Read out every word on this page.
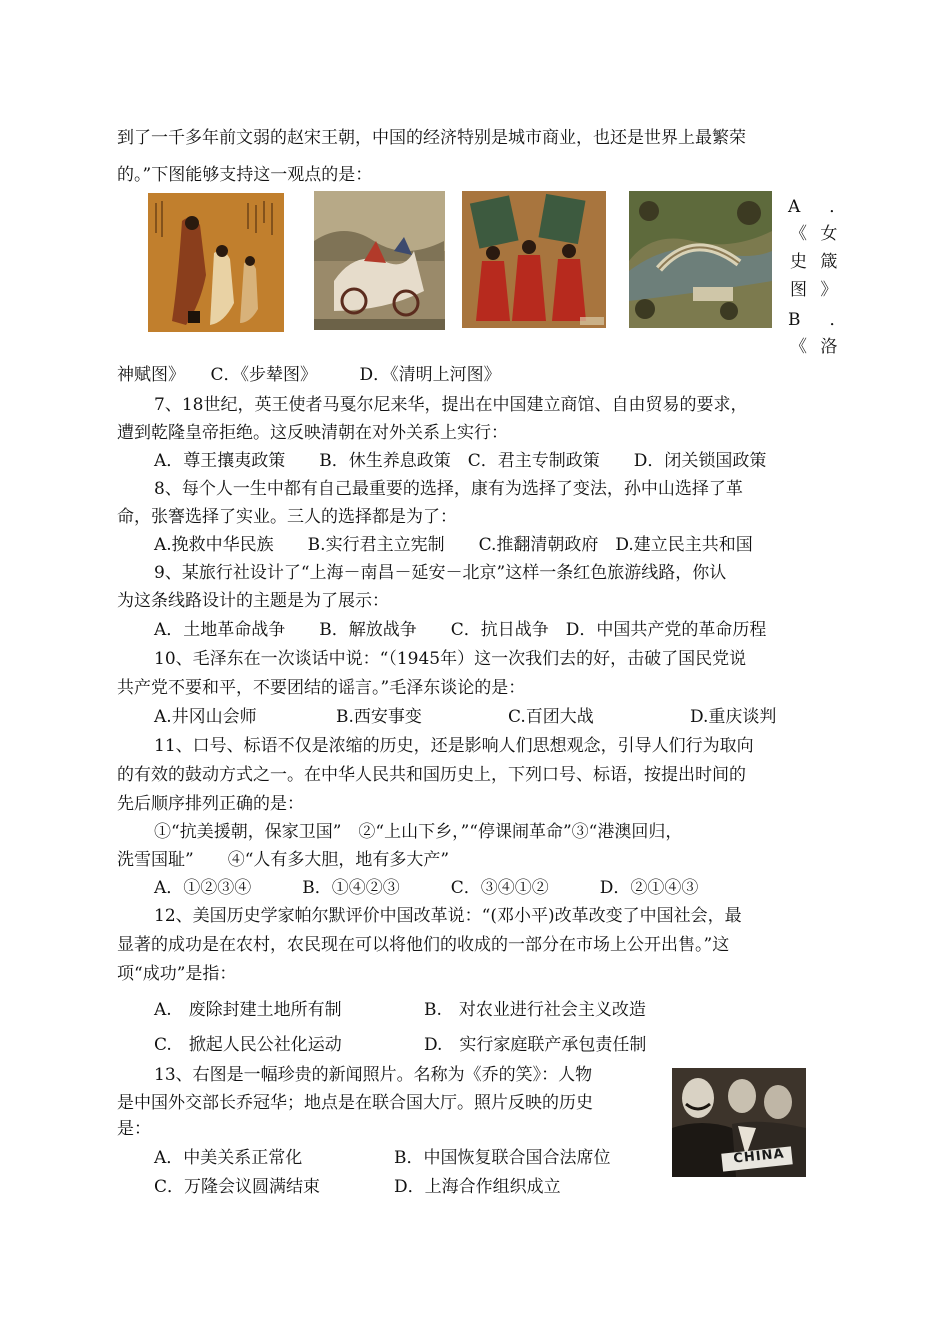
到了一千多年前文弱的赵宋王朝，中国的经济特别是城市商业，也还是世界上最繁荣
的。”下图能够支持这一观点的是：
A　．
《 女
史 箴
图 》
B　．
《 洛
神赋图》　　C．《步辇图》　　　D．《清明上河图》
7、18世纪，英王使者马戛尔尼来华，提出在中国建立商馆、自由贸易的要求，
遭到乾隆皇帝拒绝。这反映清朝在对外关系上实行：
A．尊王攘夷政策　　B．休生养息政策　C．君主专制政策　　D．闭关锁国政策
8、每个人一生中都有自己最重要的选择，康有为选择了变法，孙中山选择了革
命，张謇选择了实业。三人的选择都是为了：
A.挽救中华民族　　B.实行君主立宪制　　C.推翻清朝政府　D.建立民主共和国
9、某旅行社设计了“上海－南昌－延安－北京”这样一条红色旅游线路，你认
为这条线路设计的主题是为了展示：
A．土地革命战争　　B．解放战争　　C．抗日战争　D．中国共产党的革命历程
10、毛泽东在一次谈话中说：“（1945年）这一次我们去的好，击破了国民党说
共产党不要和平，不要团结的谣言。”毛泽东谈论的是：
A.井冈山会师	B.西安事变	C.百团大战	D.重庆谈判
11、口号、标语不仅是浓缩的历史，还是影响人们思想观念，引导人们行为取向
的有效的鼓动方式之一。在中华人民共和国历史上，下列口号、标语，按提出时间的
先后顺序排列正确的是：
①“抗美援朝，保家卫国”　②“上山下乡，”“停课闹革命”③“港澳回归，
洗雪国耻”　　④“人有多大胆，地有多大产”
A．①②③④　　　B．①④②③　　　C．③④①②　　　D．②①④③
12、美国历史学家帕尔默评价中国改革说：“(邓小平)改革改变了中国社会，最
显著的成功是在农村，农民现在可以将他们的收成的一部分在市场上公开出售。”这
项“成功”是指：
A.　废除封建土地所有制	B.　对农业进行社会主义改造
C.　掀起人民公社化运动	D.　实行家庭联产承包责任制
13、右图是一幅珍贵的新闻照片。名称为《乔的笑》：人物
是中国外交部长乔冠华；地点是在联合国大厅。照片反映的历史
是：
A．中美关系正常化	B．中国恢复联合国合法席位
C．万隆会议圆满结束	D．上海合作组织成立
CHINA
